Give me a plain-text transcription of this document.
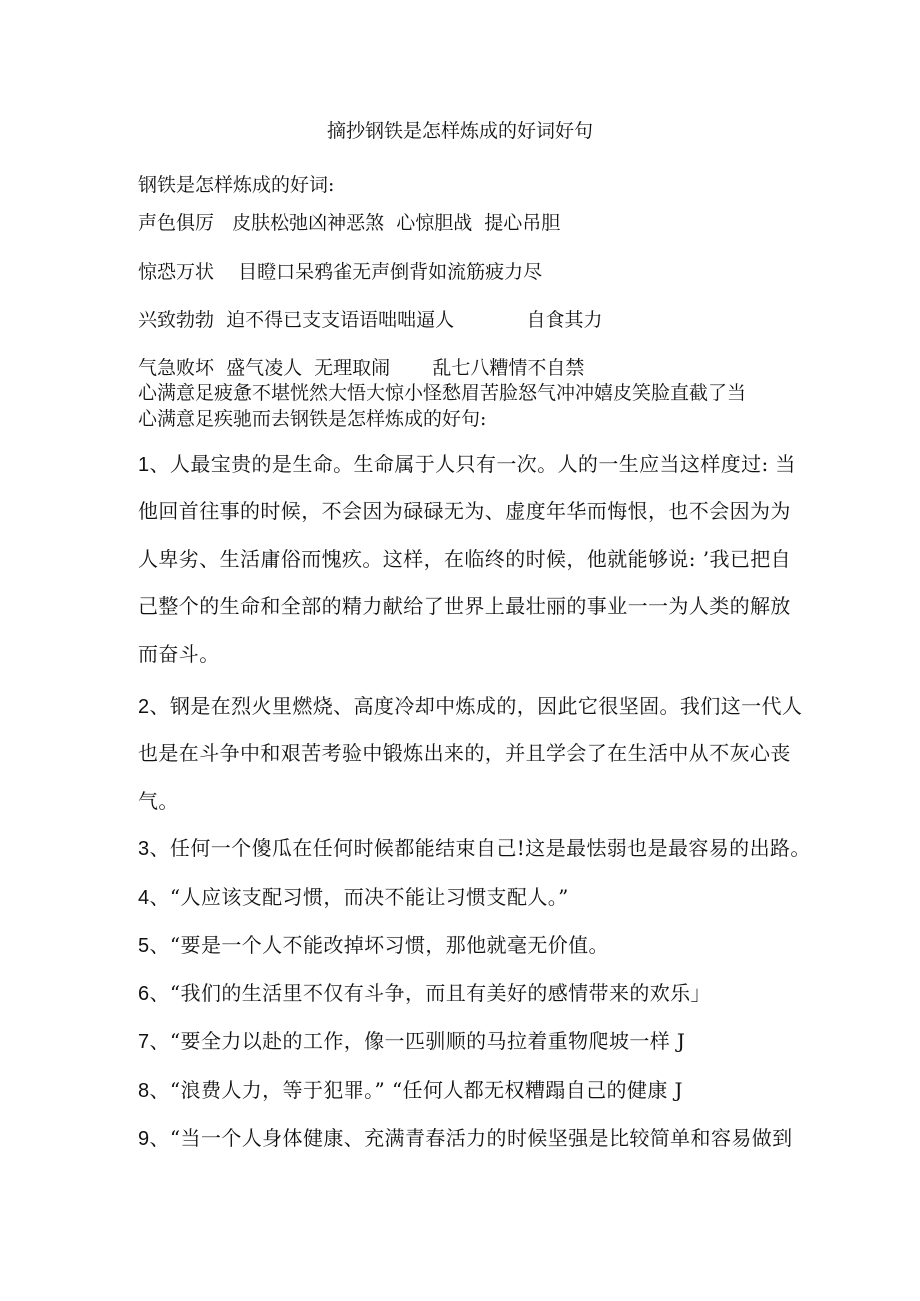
摘抄钢铁是怎样炼成的好词好句
钢铁是怎样炼成的好词:
声色俱厉   皮肤松弛凶神恶煞  心惊胆战  提心吊胆
惊恐万状    目瞪口呆鸦雀无声倒背如流筋疲力尽
兴致勃勃  迫不得已支支语语咄咄逼人            自食其力
气急败坏  盛气凌人  无理取闹       乱七八糟情不自禁
心满意足疲惫不堪恍然大悟大惊小怪愁眉苦脸怒气冲冲嬉皮笑脸直截了当
心满意足疾驰而去钢铁是怎样炼成的好句:
1、人最宝贵的是生命。生命属于人只有一次。人的一生应当这样度过: 当
他回首往事的时候，不会因为碌碌无为、虚度年华而悔恨，也不会因为为
人卑劣、生活庸俗而愧疚。这样，在临终的时候，他就能够说: ’我已把自
己整个的生命和全部的精力献给了世界上最壮丽的事业一一为人类的解放
而奋斗。
2、钢是在烈火里燃烧、高度冷却中炼成的，因此它很坚固。我们这一代人
也是在斗争中和艰苦考验中锻炼出来的，并且学会了在生活中从不灰心丧
气。
3、任何一个傻瓜在任何时候都能结束自己!这是最怯弱也是最容易的出路。
4、“人应该支配习惯，而决不能让习惯支配人。”
5、“要是一个人不能改掉坏习惯，那他就毫无价值。
6、“我们的生活里不仅有斗争，而且有美好的感情带来的欢乐」
7、“要全力以赴的工作，像一匹驯顺的马拉着重物爬坡一样 J
8、“浪费人力，等于犯罪。” “任何人都无权糟蹋自己的健康 J
9、“当一个人身体健康、充满青春活力的时候坚强是比较简单和容易做到
